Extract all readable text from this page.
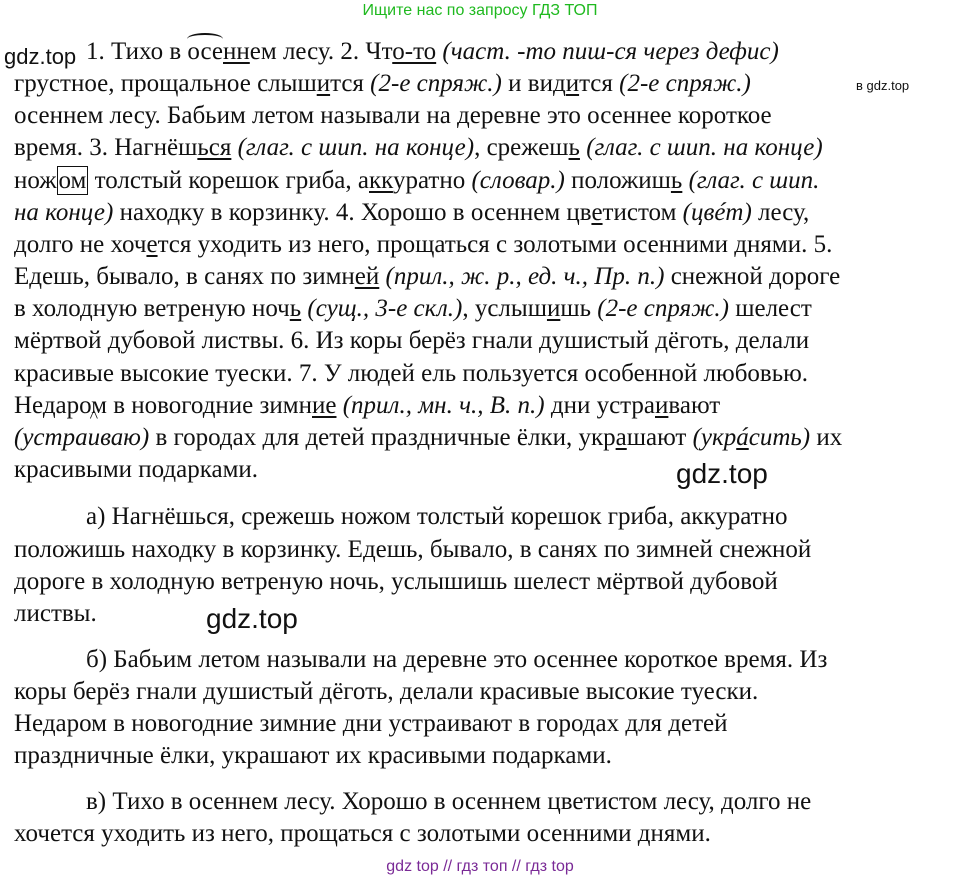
Ищите нас по запросу ГДЗ ТОП
gdz.top 1. Тихо в осеннем лесу. 2. Что-то (част. -то пиш-ся через дефис)
грустное, прощальное слышится (2-е спряж.) и видится (2-е спряж.)	в gdz.top
осеннем лесу. Бабьим летом называли на деревне это осеннее короткое
время. 3. Нагнёшься (глаг. с шип. на конце), срежешь (глаг. с шип. на конце)
ножом толстый корешок гриба, аккуратно (словар.) положишь (глаг. с шип.
на конце) находку в корзинку. 4. Хорошо в осеннем цветистом (цвéт) лесу,
долго не хочется уходить из него, прощаться с золотыми осенними днями. 5.
Едешь, бывало, в санях по зимней (прил., ж. р., ед. ч., Пр. п.) снежной дороге
в холодную ветреную ночь (сущ., 3-е скл.), услышишь (2-е спряж.) шелест
мёртвой дубовой листвы. 6. Из коры берёз гнали душистый дёготь, делали
красивые высокие туески. 7. У людей ель пользуется особенной любовью.
Недаром в новогодние зимние (прил., мн. ч., В. п.) дни устраивают
(устраива ^ю) в городах для детей праздничные ёлки, украшают (укрáсить) их
красивыми подарками.	gdz.top
а) Нагнёшься, срежешь ножом толстый корешок гриба, аккуратно
положишь находку в корзинку. Едешь, бывало, в санях по зимней снежной
дороге в холодную ветреную ночь, услышишь шелест мёртвой дубовой
листвы.	gdz.top
б) Бабьим летом называли на деревне это осеннее короткое время. Из
коры берёз гнали душистый дёготь, делали красивые высокие туески.
Недаром в новогодние зимние дни устраивают в городах для детей
праздничные ёлки, украшают их красивыми подарками.
в) Тихо в осеннем лесу. Хорошо в осеннем цветистом лесу, долго не
хочется уходить из него, прощаться с золотыми осенними днями.
gdz top // гдз топ // гдз top
